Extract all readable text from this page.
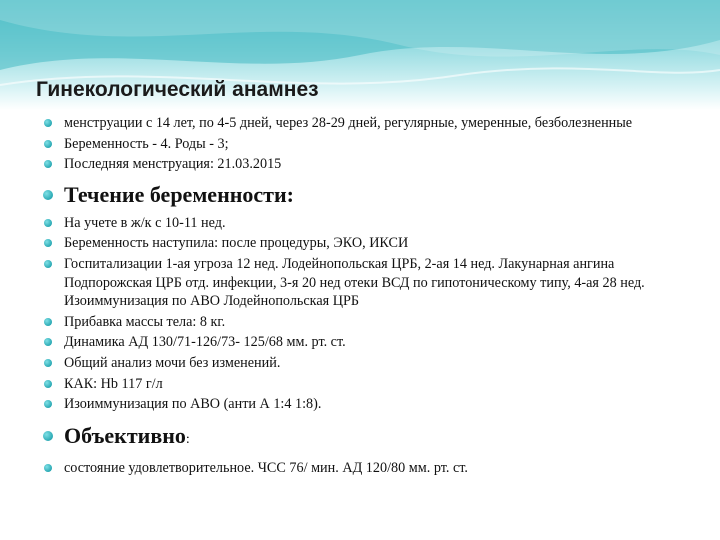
Гинекологический анамнез
менструации с 14 лет, по 4-5 дней, через 28-29 дней, регулярные, умеренные, безболезненные
Беременность - 4. Роды - 3;
Последняя менструация: 21.03.2015
Течение беременности:
На учете в ж/к с 10-11 нед.
Беременность наступила: после процедуры, ЭКО, ИКСИ
Госпитализации 1-ая угроза 12 нед. Лодейнопольская ЦРБ, 2-ая 14 нед. Лакунарная ангина Подпорожская ЦРБ отд. инфекции, 3-я 20 нед отеки ВСД по гипотоническому типу, 4-ая 28 нед. Изоиммунизация по АВО Лодейнопольская ЦРБ
Прибавка массы тела: 8 кг.
Динамика АД 130/71-126/73- 125/68 мм. рт. ст.
Общий анализ мочи без изменений.
КАК: Hb 117 г/л
Изоиммунизация по АВО (анти А 1:4 1:8).
Объективно:
состояние удовлетворительное. ЧСС 76/ мин. АД 120/80 мм. рт. ст.
